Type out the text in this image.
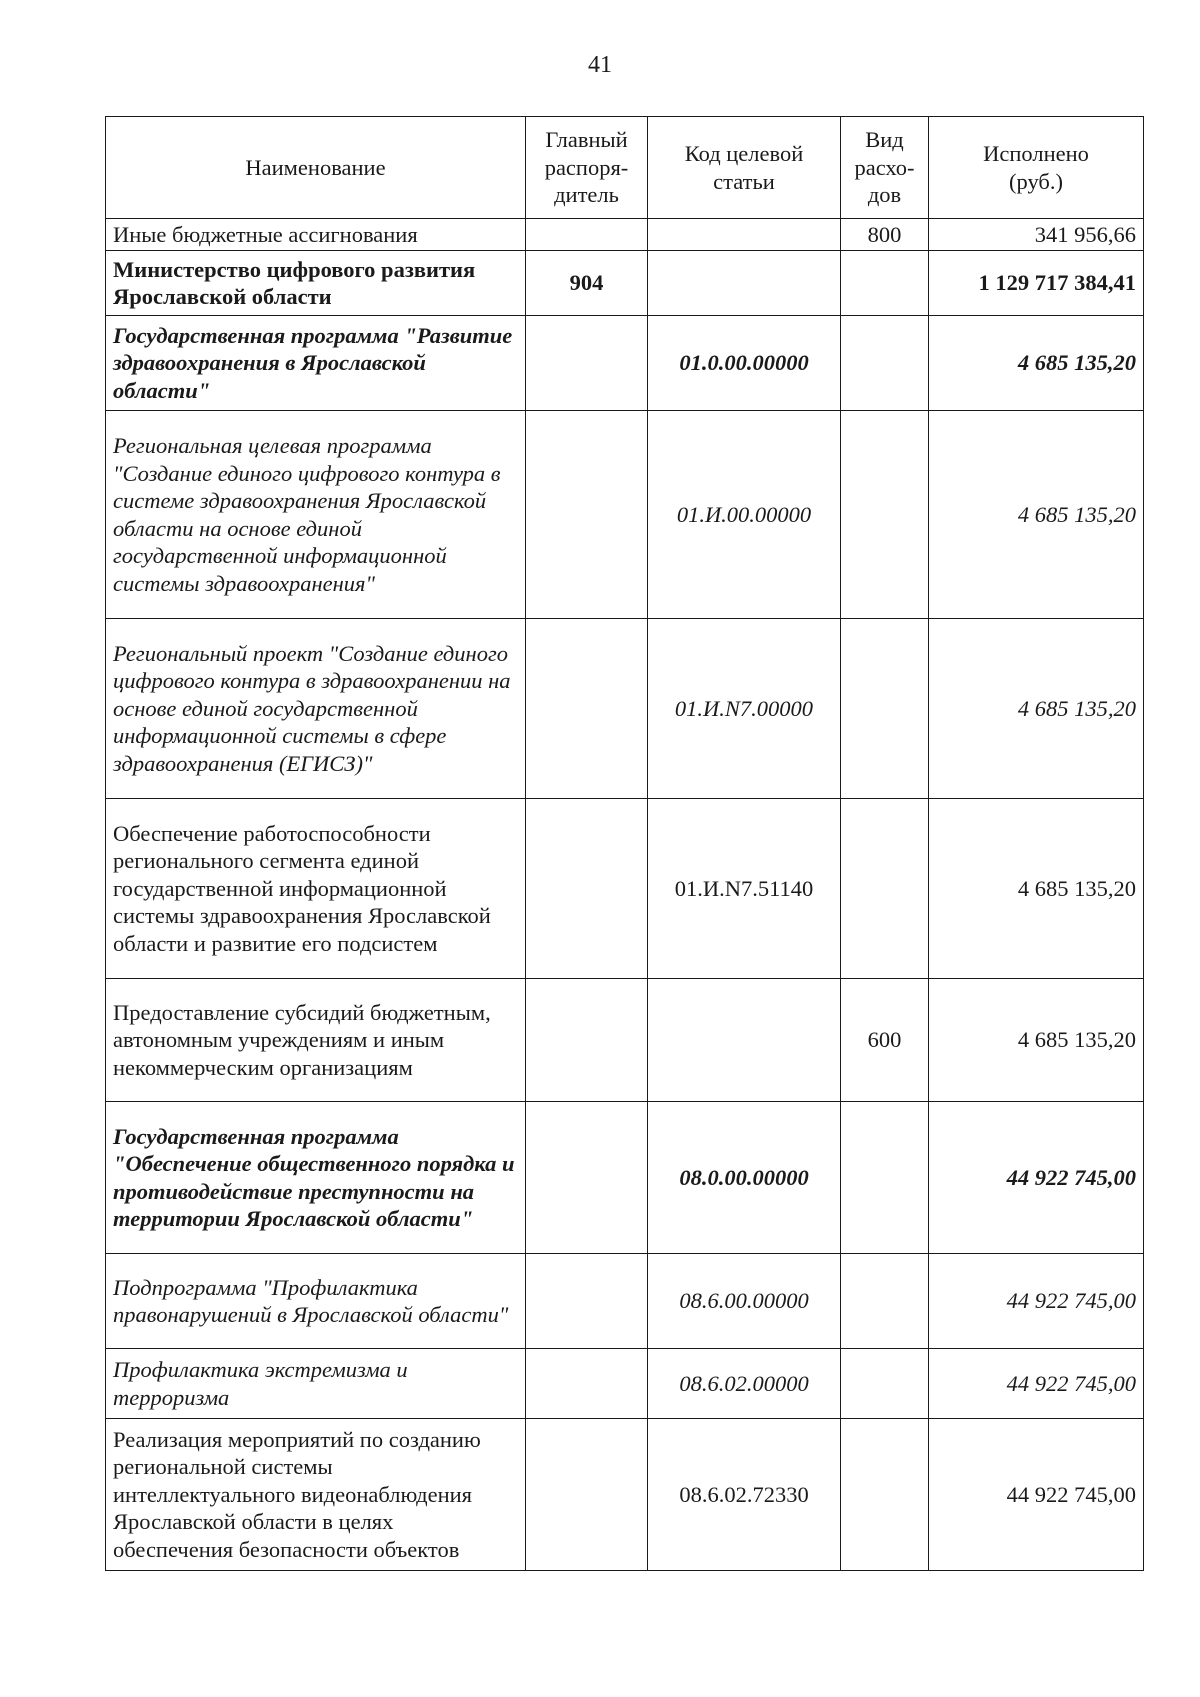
41
Наименование	Главный распоря-дитель	Код целевой статьи	Вид расхо-дов	Исполнено (руб.)
Иные бюджетные ассигнования			800	341 956,66
Министерство цифрового развития Ярославской области	904			1 129 717 384,41
Государственная программа "Развитие здравоохранения в Ярославской области"		01.0.00.00000		4 685 135,20
Региональная целевая программа "Создание единого цифрового контура в системе здравоохранения Ярославской области на основе единой государственной информационной системы здравоохранения"		01.И.00.00000		4 685 135,20
Региональный проект "Создание единого цифрового контура в здравоохранении на основе единой государственной информационной системы в сфере здравоохранения (ЕГИСЗ)"		01.И.N7.00000		4 685 135,20
Обеспечение работоспособности регионального сегмента единой государственной информационной системы здравоохранения Ярославской области и развитие его подсистем		01.И.N7.51140		4 685 135,20
Предоставление субсидий бюджетным, автономным учреждениям и иным некоммерческим организациям			600	4 685 135,20
Государственная программа "Обеспечение общественного порядка и противодействие преступности на территории Ярославской области"		08.0.00.00000		44 922 745,00
Подпрограмма "Профилактика правонарушений в Ярославской области"		08.6.00.00000		44 922 745,00
Профилактика экстремизма и терроризма		08.6.02.00000		44 922 745,00
Реализация мероприятий по созданию региональной системы интеллектуального видеонаблюдения Ярославской области в целях обеспечения безопасности объектов		08.6.02.72330		44 922 745,00
